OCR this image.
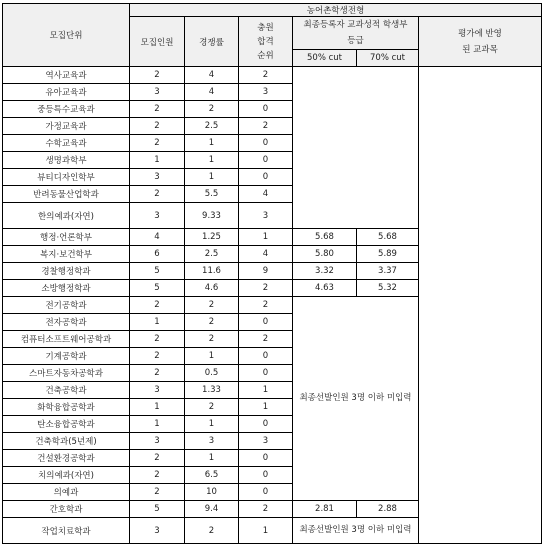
모집단위	농어촌학생전형					
	모집인원	경쟁률	충원 합격 순위	최종등록자 교과성적 학생부등급		평가에 반영된 교과목
				50% cut	70% cut	
역사교육과	2	4	2			
유아교육과	3	4	3			
중등특수교육과	2	2	0			
가정교육과	2	2.5	2			
수학교육과	2	1	0			
생명과학부	1	1	0			
뷰티디자인학부	3	1	0			
반려동물산업학과	2	5.5	4			
한의예과(자연)	3	9.33	3			
행정·언론학부	4	1.25	1	5.68	5.68	
복지·보건학부	6	2.5	4	5.80	5.89	
경찰행정학과	5	11.6	9	3.32	3.37	
소방행정학과	5	4.6	2	4.63	5.32	
전기공학과	2	2	2	최종선발인원 3명 이하 미입력		
전자공학과	1	2	0			
컴퓨터소프트웨어공학과	2	2	2			
기계공학과	2	1	0			
스마트자동차공학과	2	0.5	0			
건축공학과	3	1.33	1			
화학융합공학과	1	2	1			
탄소융합공학과	1	1	0			
건축학과(5년제)	3	3	3			
건설환경공학과	2	1	0			
치의예과(자연)	2	6.5	0			
의예과	2	10	0			
간호학과	5	9.4	2	2.81	2.88	
작업치료학과	3	2	1	최종선발인원 3명 이하 미입력		
